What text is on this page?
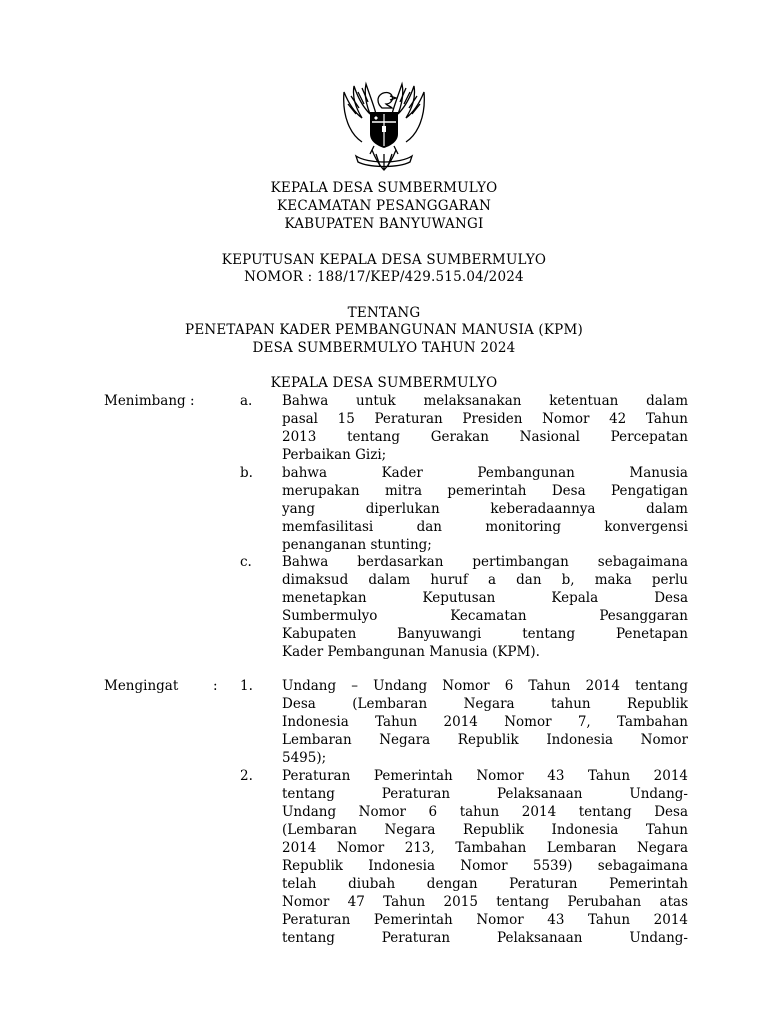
KEPALA DESA SUMBERMULYO
KECAMATAN PESANGGARAN
KABUPATEN BANYUWANGI
KEPUTUSAN KEPALA DESA SUMBERMULYO
NOMOR : 188/17/KEP/429.515.04/2024
TENTANG
PENETAPAN KADER PEMBANGUNAN MANUSIA (KPM)
DESA SUMBERMULYO TAHUN 2024
KEPALA DESA SUMBERMULYO
Menimbang :	a. Bahwa untuk melaksanakan ketentuan dalam
pasal 15 Peraturan Presiden Nomor 42 Tahun
2013 tentang Gerakan Nasional Percepatan
Perbaikan Gizi;
b. bahwa Kader Pembangunan Manusia
merupakan mitra pemerintah Desa Pengatigan
yang diperlukan keberadaannya dalam
memfasilitasi dan monitoring konvergensi
penanganan stunting;
c. Bahwa berdasarkan pertimbangan sebagaimana
dimaksud dalam huruf a dan b, maka perlu
menetapkan Keputusan Kepala Desa
Sumbermulyo Kecamatan Pesanggaran
Kabupaten Banyuwangi tentang Penetapan
Kader Pembangunan Manusia (KPM).
Mengingat	: 1. Undang – Undang Nomor 6 Tahun 2014 tentang
Desa (Lembaran Negara tahun Republik
Indonesia Tahun 2014 Nomor 7, Tambahan
Lembaran Negara Republik Indonesia Nomor
5495);
2. Peraturan Pemerintah Nomor 43 Tahun 2014
tentang Peraturan Pelaksanaan Undang-
Undang Nomor 6 tahun 2014 tentang Desa
(Lembaran Negara Republik Indonesia Tahun
2014 Nomor 213, Tambahan Lembaran Negara
Republik Indonesia Nomor 5539) sebagaimana
telah diubah dengan Peraturan Pemerintah
Nomor 47 Tahun 2015 tentang Perubahan atas
Peraturan Pemerintah Nomor 43 Tahun 2014
tentang Peraturan Pelaksanaan Undang-
